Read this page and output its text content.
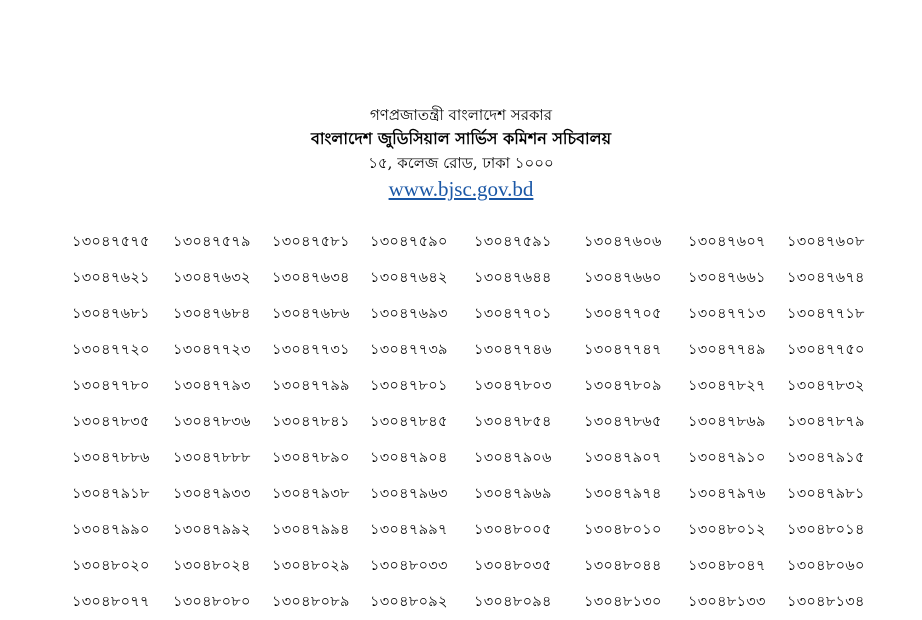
গণপ্রজাতন্ত্রী বাংলাদেশ সরকার
বাংলাদেশ জুডিসিয়াল সার্ভিস কমিশন সচিবালয়
১৫, কলেজ রোড, ঢাকা ১০০০
www.bjsc.gov.bd
১৩০৪৭৫৭৫ ১৩০৪৭৫৭৯ ১৩০৪৭৫৮১ ১৩০৪৭৫৯০ ১৩০৪৭৫৯১ ১৩০৪৭৬০৬ ১৩০৪৭৬০৭ ১৩০৪৭৬০৮
১৩০৪৭৬২১ ১৩০৪৭৬৩২ ১৩০৪৭৬৩৪ ১৩০৪৭৬৪২ ১৩০৪৭৬৪৪ ১৩০৪৭৬৬০ ১৩০৪৭৬৬১ ১৩০৪৭৬৭৪
১৩০৪৭৬৮১ ১৩০৪৭৬৮৪ ১৩০৪৭৬৮৬ ১৩০৪৭৬৯৩ ১৩০৪৭৭০১ ১৩০৪৭৭০৫ ১৩০৪৭৭১৩ ১৩০৪৭৭১৮
১৩০৪৭৭২০ ১৩০৪৭৭২৩ ১৩০৪৭৭৩১ ১৩০৪৭৭৩৯ ১৩০৪৭৭৪৬ ১৩০৪৭৭৪৭ ১৩০৪৭৭৪৯ ১৩০৪৭৭৫০
১৩০৪৭৭৮০ ১৩০৪৭৭৯৩ ১৩০৪৭৭৯৯ ১৩০৪৭৮০১ ১৩০৪৭৮০৩ ১৩০৪৭৮০৯ ১৩০৪৭৮২৭ ১৩০৪৭৮৩২
১৩০৪৭৮৩৫ ১৩০৪৭৮৩৬ ১৩০৪৭৮৪১ ১৩০৪৭৮৪৫ ১৩০৪৭৮৫৪ ১৩০৪৭৮৬৫ ১৩০৪৭৮৬৯ ১৩০৪৭৮৭৯
১৩০৪৭৮৮৬ ১৩০৪৭৮৮৮ ১৩০৪৭৮৯০ ১৩০৪৭৯০৪ ১৩০৪৭৯০৬ ১৩০৪৭৯০৭ ১৩০৪৭৯১০ ১৩০৪৭৯১৫
১৩০৪৭৯১৮ ১৩০৪৭৯৩৩ ১৩০৪৭৯৩৮ ১৩০৪৭৯৬৩ ১৩০৪৭৯৬৯ ১৩০৪৭৯৭৪ ১৩০৪৭৯৭৬ ১৩০৪৭৯৮১
১৩০৪৭৯৯০ ১৩০৪৭৯৯২ ১৩০৪৭৯৯৪ ১৩০৪৭৯৯৭ ১৩০৪৮০০৫ ১৩০৪৮০১০ ১৩০৪৮০১২ ১৩০৪৮০১৪
১৩০৪৮০২০ ১৩০৪৮০২৪ ১৩০৪৮০২৯ ১৩০৪৮০৩৩ ১৩০৪৮০৩৫ ১৩০৪৮০৪৪ ১৩০৪৮০৪৭ ১৩০৪৮০৬০
১৩০৪৮০৭৭ ১৩০৪৮০৮০ ১৩০৪৮০৮৯ ১৩০৪৮০৯২ ১৩০৪৮০৯৪ ১৩০৪৮১৩০ ১৩০৪৮১৩৩ ১৩০৪৮১৩৪
